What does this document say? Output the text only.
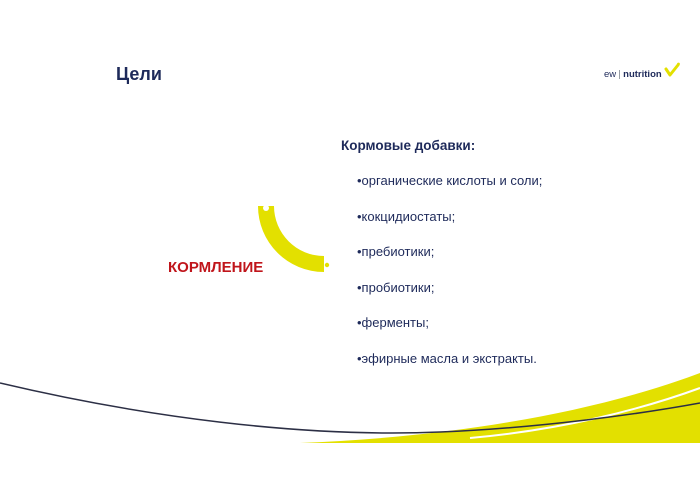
Цели	ew nutrition
КОРМЛЕНИЕ
Кормовые добавки:
•органические кислоты и соли;
•кокцидиостаты;
•пребиотики;
•пробиотики;
•ферменты;
•эфирные масла и экстракты.
